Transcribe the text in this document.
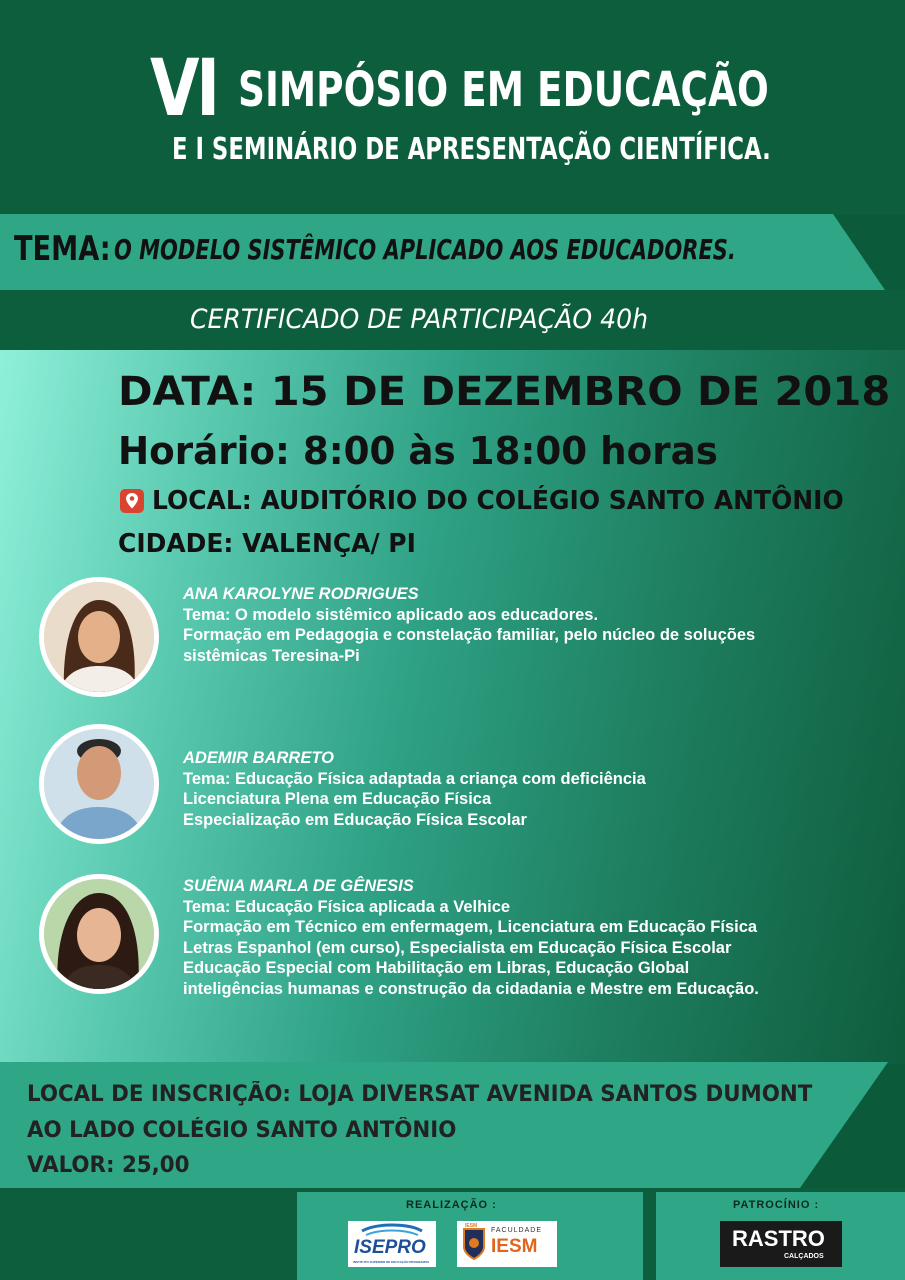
VI SIMPÓSIO EM EDUCAÇÃO
E I SEMINÁRIO DE APRESENTAÇÃO CIENTÍFICA.
TEMA: O MODELO SISTÊMICO APLICADO AOS EDUCADORES.
CERTIFICADO DE PARTICIPAÇÃO 40h
DATA: 15 DE DEZEMBRO DE 2018
Horário: 8:00 às 18:00 horas
LOCAL: AUDITÓRIO DO COLÉGIO SANTO ANTÔNIO
CIDADE: VALENÇA/ PI
ANA KAROLYNE RODRIGUES
Tema: O modelo sistêmico aplicado aos educadores.
Formação em Pedagogia e constelação familiar, pelo núcleo de soluções
sistêmicas Teresina-Pi
ADEMIR BARRETO
Tema: Educação Física adaptada a criança com deficiência
Licenciatura Plena em Educação Física
Especialização em Educação Física Escolar
SUÊNIA MARLA DE GÊNESIS
Tema: Educação Física aplicada a Velhice
Formação em Técnico em enfermagem, Licenciatura em Educação Física
Letras Espanhol (em curso), Especialista em Educação Física Escolar
Educação Especial com Habilitação em Libras, Educação Global
inteligências humanas e construção da cidadania e Mestre em Educação.
LOCAL DE INSCRIÇÃO: LOJA DIVERSAT AVENIDA SANTOS DUMONT
AO LADO COLÉGIO SANTO ANTÔNIO
VALOR: 25,00
REALIZAÇÃO :	PATROCÍNIO :
ISEPRO
INSTITUTO SUPERIOR DE EDUCAÇÃO PROGRAMUS
IESM
FACULDADE
IESM	RASTRO
CALÇADOS
